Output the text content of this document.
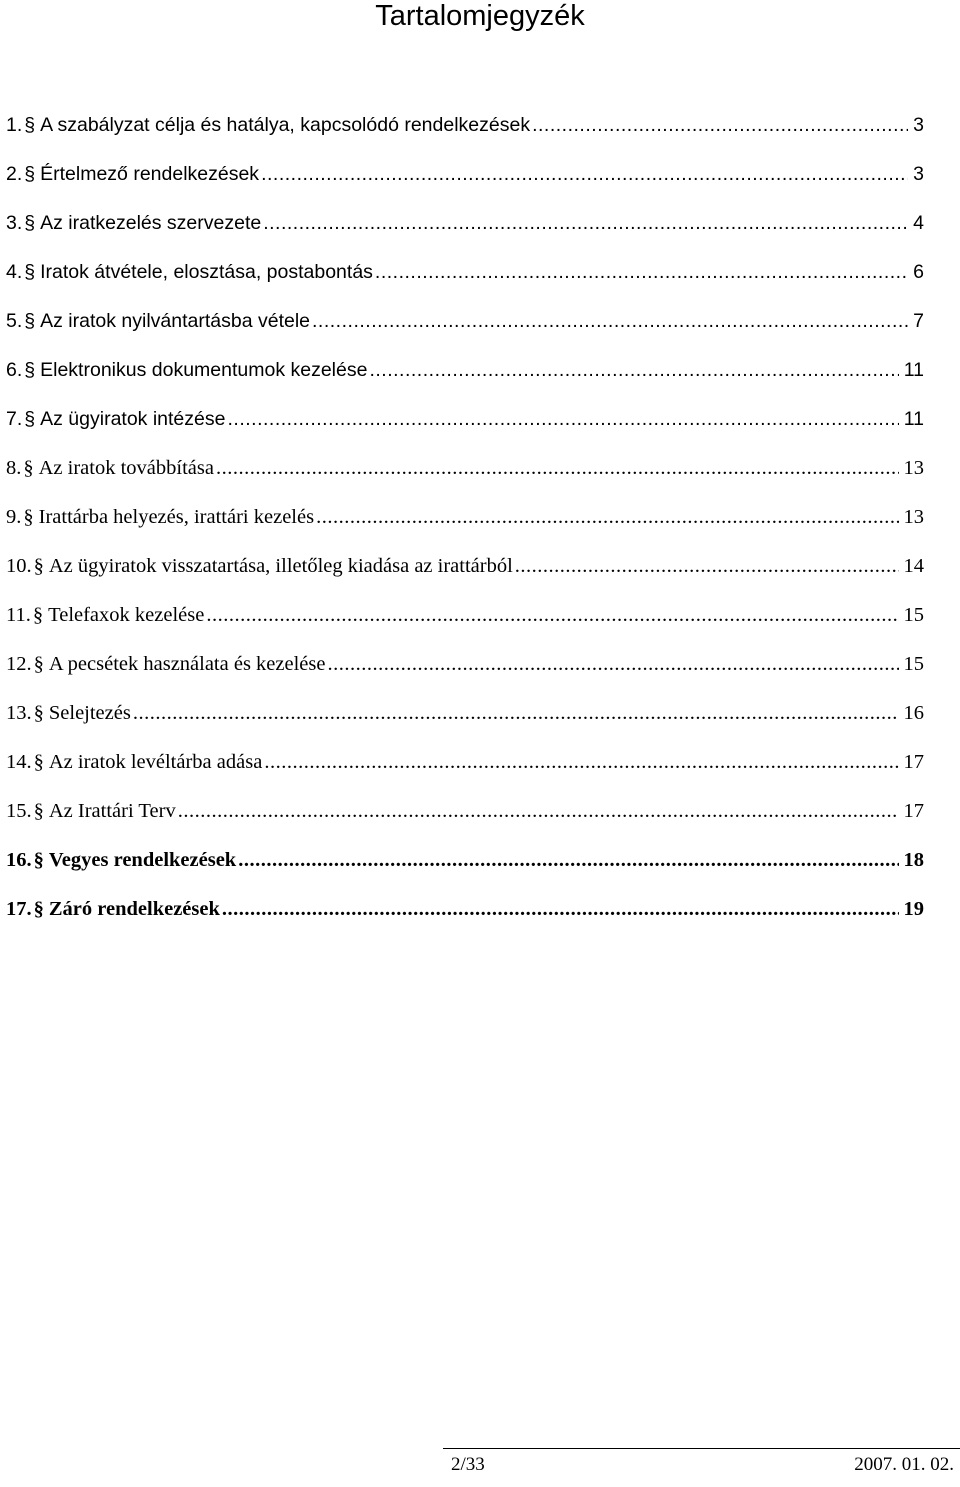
Tartalomjegyzék
1. § A szabályzat célja és hatálya, kapcsolódó rendelkezések .....	3
2. § Értelmező rendelkezések .....	3
3. § Az iratkezelés szervezete .....	4
4. § Iratok átvétele, elosztása, postabontás .....	6
5. § Az iratok nyilvántartásba vétele .....	7
6. § Elektronikus dokumentumok kezelése .....	11
7. § Az ügyiratok intézése .....	11
8. § Az iratok továbbítása .....	13
9. § Irattárba helyezés, irattári kezelés .....	13
10. § Az ügyiratok visszatartása, illetőleg kiadása az irattárból .....	14
11. § Telefaxok kezelése .....	15
12. § A pecsétek használata és kezelése .....	15
13. § Selejtezés .....	16
14. § Az iratok levéltárba adása .....	17
15. § Az Irattári Terv .....	17
16. § Vegyes rendelkezések .....	18
17. § Záró rendelkezések .....	19
2/33	2007. 01. 02.
